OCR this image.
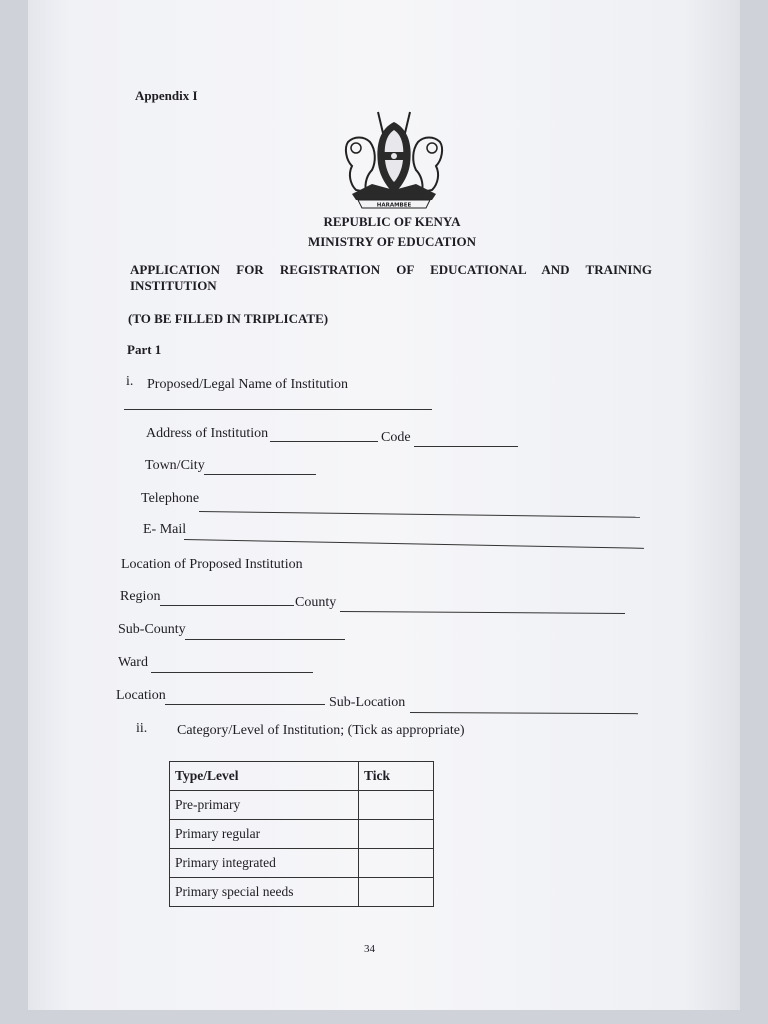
Appendix I
HARAMBEE
REPUBLIC OF KENYA
MINISTRY OF EDUCATION
APPLICATION FOR REGISTRATION OF EDUCATIONAL AND TRAINING
INSTITUTION
(TO BE FILLED IN TRIPLICATE)
Part 1
i. Proposed/Legal Name of Institution
Address of Institution	Code
Town/City
Telephone
E- Mail
Location of Proposed Institution
Region	County
Sub-County
Ward
Location	Sub-Location
ii. Category/Level of Institution; (Tick as appropriate)
Type/Level	Tick
Pre-primary	
Primary regular	
Primary integrated	
Primary special needs	
34
